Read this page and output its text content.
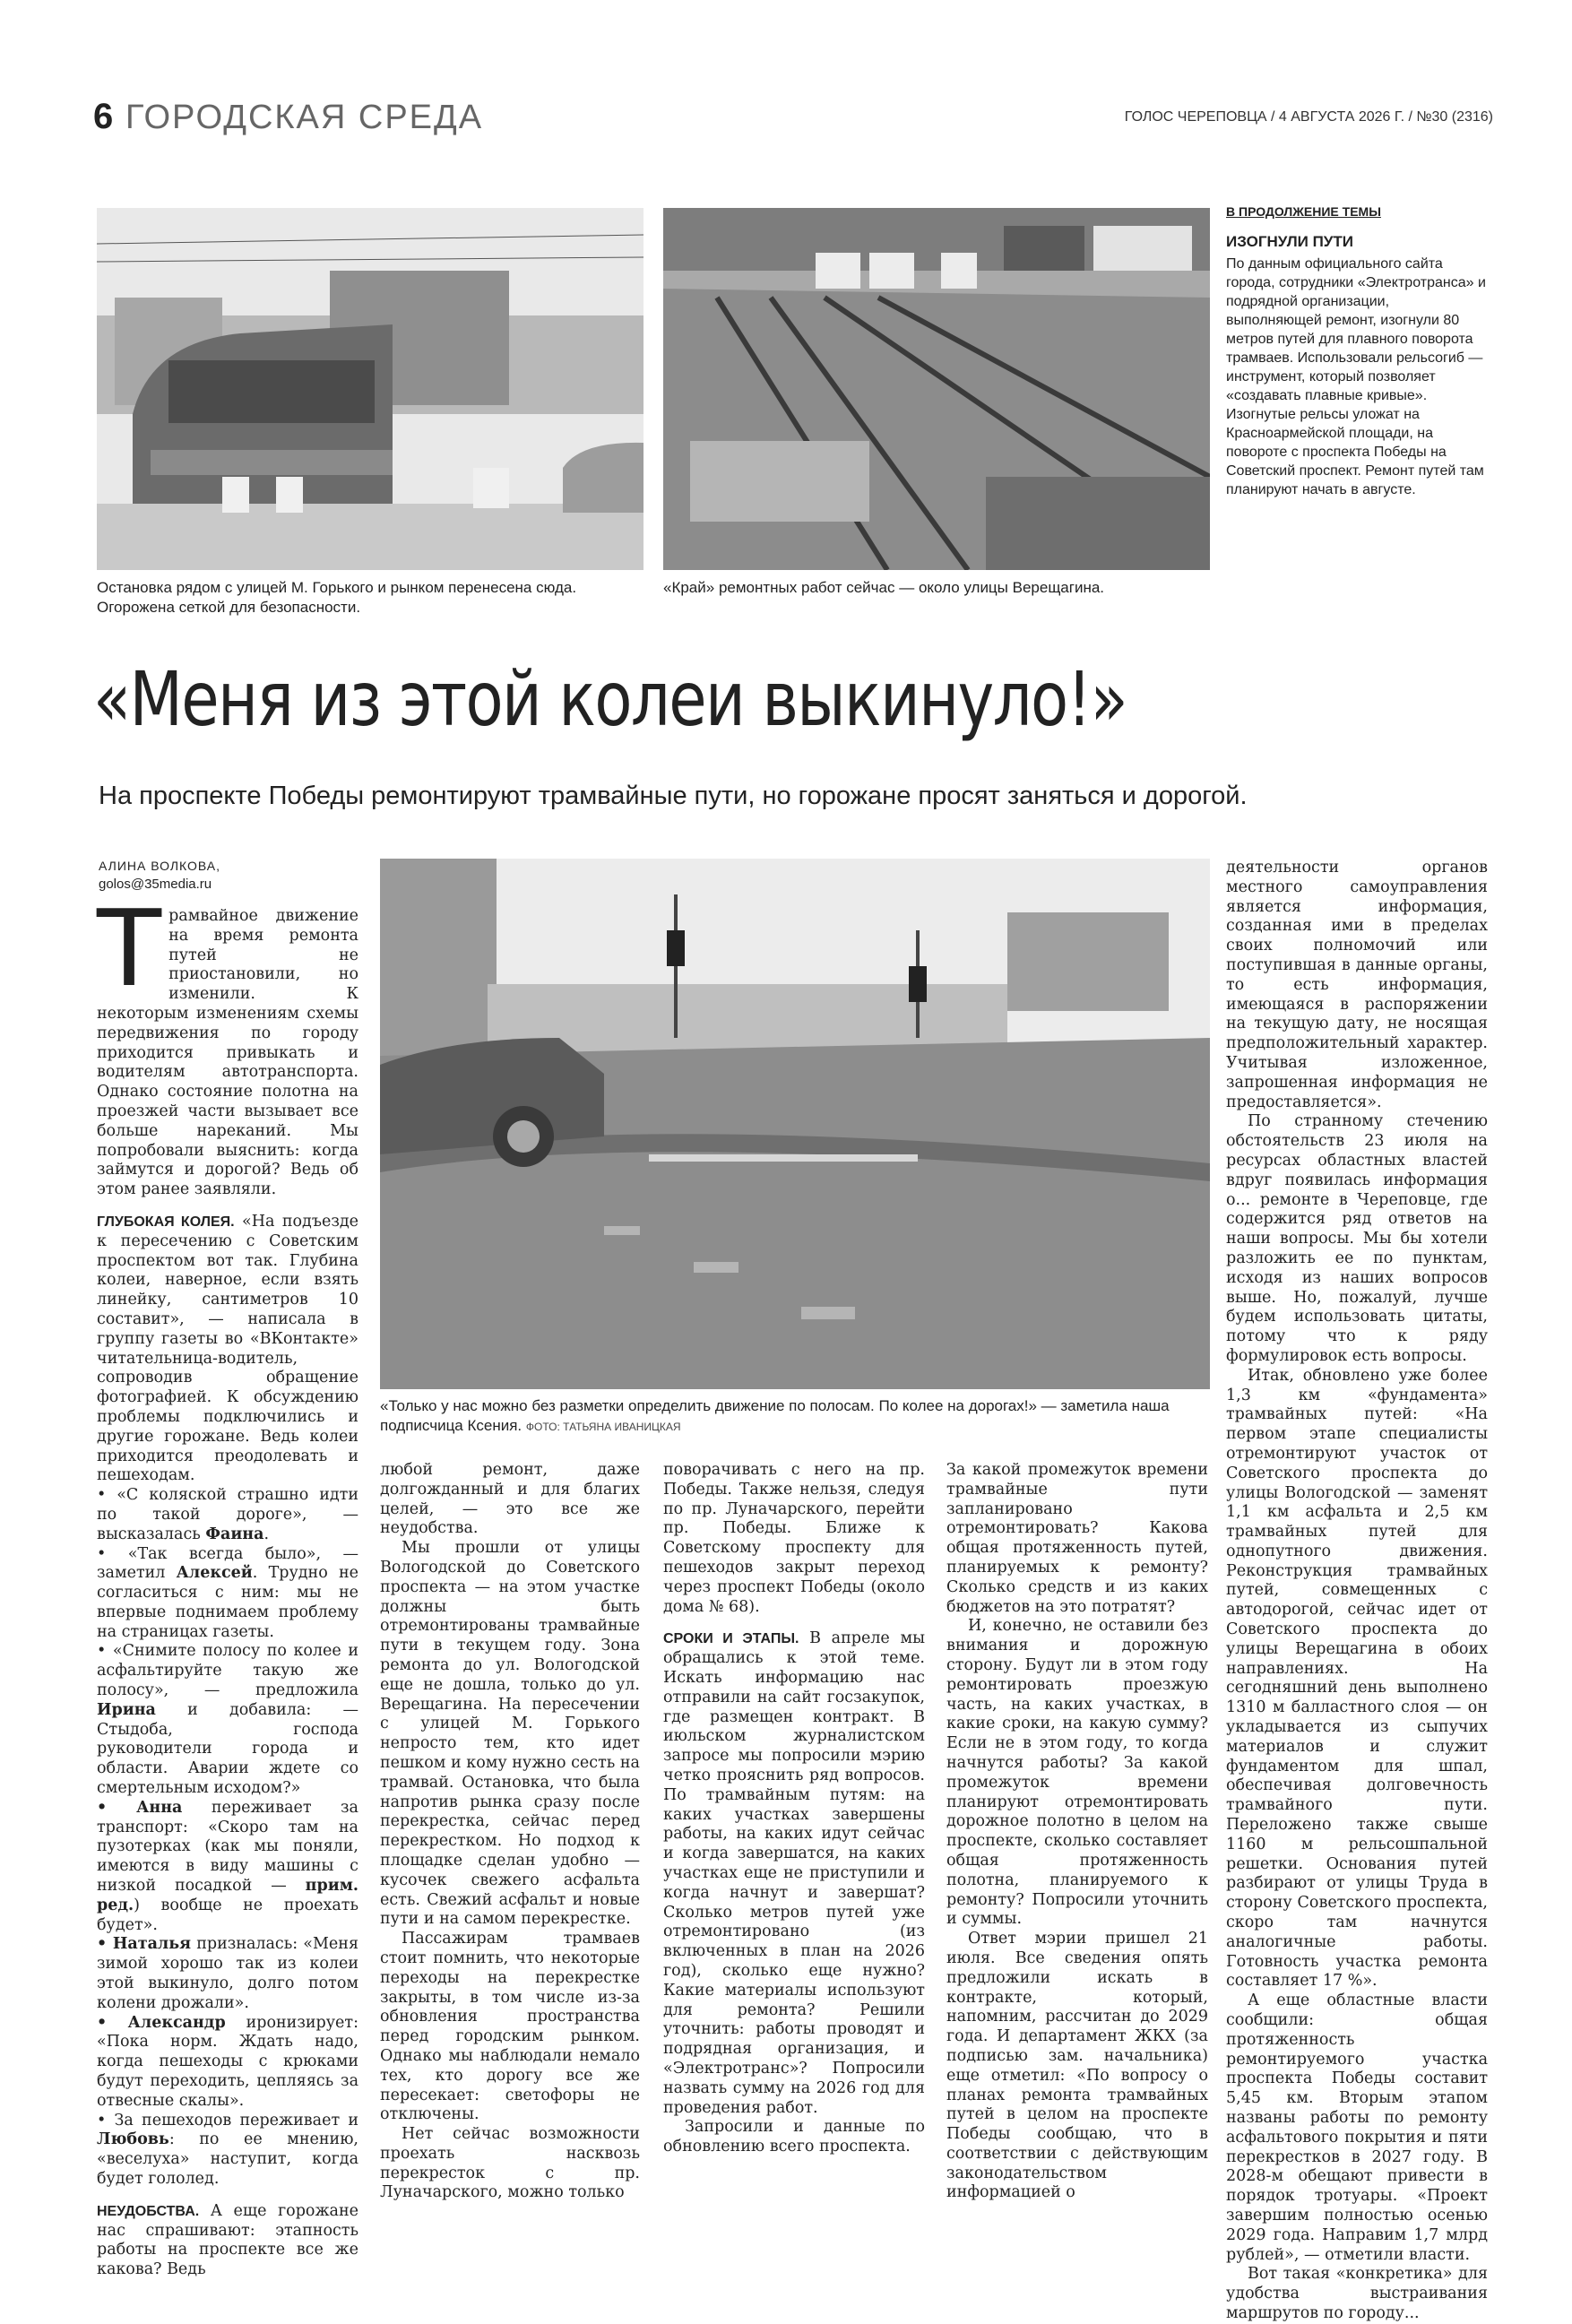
6 ГОРОДСКАЯ СРЕДА	ГОЛОС ЧЕРЕПОВЦА / 4 АВГУСТА 2026 Г. / №30 (2316)
Остановка рядом с улицей М. Горького и рынком перенесена сюда. Огорожена сеткой для безопасности.
«Край» ремонтных работ сейчас — около улицы Верещагина.
В ПРОДОЛЖЕНИЕ ТЕМЫ
ИЗОГНУЛИ ПУТИ
По данным официального сайта города, сотрудники «Электротранса» и подрядной организации, выполняющей ремонт, изогнули 80 метров путей для плавного поворота трамваев. Использовали рельсогиб — инструмент, который позволяет «создавать плавные кривые». Изогнутые рельсы уложат на Красноармейской площади, на повороте с проспекта Победы на Советский проспект. Ремонт путей там планируют начать в августе.
«Меня из этой колеи выкинуло!»
На проспекте Победы ремонтируют трамвайные пути, но горожане просят заняться и дорогой.
АЛИНА ВОЛКОВА,
golos@35media.ru
«Только у нас можно без разметки определить движение по полосам. По колее на дорогах!» — заметила наша подписчица Ксения. ФОТО: ТАТЬЯНА ИВАНИЦКАЯ
Т рамвайное движение на время ремонта путей не приостановили, но изменили. К некоторым изменениям схемы передвижения по городу приходится привыкать и водителям автотранспорта. Однако состояние полотна на проезжей части вызывает все больше нареканий. Мы попробовали выяснить: когда займутся и дорогой? Ведь об этом ранее заявляли.

ГЛУБОКАЯ КОЛЕЯ. «На подъезде к пересечению с Советским проспектом вот так. Глубина колеи, наверное, если взять линейку, сантиметров 10 составит», — написала в группу газеты во «ВКонтакте» читательница-водитель, сопроводив обращение фотографией. К обсуждению проблемы подключились и другие горожане. Ведь колеи приходится преодолевать и пешеходам.

• «С коляской страшно идти по такой дороге», — высказалась Фаина.

• «Так всегда было», — заметил Алексей. Трудно не согласиться с ним: мы не впервые поднимаем проблему на страницах газеты.

• «Снимите полосу по колее и асфальтируйте такую же полосу», — предложила Ирина и добавила: — Стыдоба, господа руководители города и области. Аварии ждете со смертельным исходом?»

• Анна переживает за транспорт: «Скоро там на пузотерках (как мы поняли, имеются в виду машины с низкой посадкой — прим. ред.) вообще не проехать будет».

• Наталья призналась: «Меня зимой хорошо так из колеи этой выкинуло, долго потом колени дрожали».

• Александр иронизирует: «Пока норм. Ждать надо, когда пешеходы с крюками будут переходить, цепляясь за отвесные скалы».

• За пешеходов переживает и Любовь: по ее мнению, «веселуха» наступит, когда будет гололед.

НЕУДОБСТВА. А еще горожане нас спрашивают: этапность работы на проспекте все же какова? Ведь

любой ремонт, даже долгожданный и для благих целей, — это все же неудобства.

Мы прошли от улицы Вологодской до Советского проспекта — на этом участке должны быть отремонтированы трамвайные пути в текущем году. Зона ремонта до ул. Вологодской еще не дошла, только до ул. Верещагина. На пересечении с улицей М. Горького непросто тем, кто идет пешком и кому нужно сесть на трамвай. Остановка, что была напротив рынка сразу после перекрестка, сейчас перед перекрестком. Но подход к площадке сделан удобно — кусочек свежего асфальта есть. Свежий асфальт и новые пути и на самом перекрестке.

Пассажирам трамваев стоит помнить, что некоторые переходы на перекрестке закрыты, в том числе из-за обновления пространства перед городским рынком. Однако мы наблюдали немало тех, кто дорогу все же пересекает: светофоры не отключены.

Нет сейчас возможности проехать насквозь перекресток с пр. Луначарского, можно только

поворачивать с него на пр. Победы. Также нельзя, следуя по пр. Луначарского, перейти пр. Победы. Ближе к Советскому проспекту для пешеходов закрыт переход через проспект Победы (около дома № 68).

СРОКИ И ЭТАПЫ. В апреле мы обращались к этой теме. Искать информацию нас отправили на сайт госзакупок, где размещен контракт. В июльском журналистском запросе мы попросили мэрию четко прояснить ряд вопросов. По трамвайным путям: на каких участках завершены работы, на каких идут сейчас и когда завершатся, на каких участках еще не приступили и когда начнут и завершат? Сколько метров путей уже отремонтировано (из включенных в план на 2026 год), сколько еще нужно? Какие материалы используют для ремонта? Решили уточнить: работы проводят и подрядная организация, и «Электротранс»? Попросили назвать сумму на 2026 год для проведения работ.

Запросили и данные по обновлению всего проспекта.

За какой промежуток времени трамвайные пути запланировано отремонтировать? Какова общая протяженность путей, планируемых к ремонту? Сколько средств и из каких бюджетов на это потратят?

И, конечно, не оставили без внимания и дорожную сторону. Будут ли в этом году ремонтировать проезжую часть, на каких участках, в какие сроки, на какую сумму? Если не в этом году, то когда начнутся работы? За какой промежуток времени планируют отремонтировать дорожное полотно в целом на проспекте, сколько составляет общая протяженность полотна, планируемого к ремонту? Попросили уточнить и суммы.

Ответ мэрии пришел 21 июля. Все сведения опять предложили искать в контракте, который, напомним, рассчитан до 2029 года. И департамент ЖКХ (за подписью зам. начальника) еще отметил: «По вопросу о планах ремонта трамвайных путей в целом на проспекте Победы сообщаю, что в соответствии с действующим законодательством информацией о

деятельности органов местного самоуправления является информация, созданная ими в пределах своих полномочий или поступившая в данные органы, то есть информация, имеющаяся в распоряжении на текущую дату, не носящая предположительный характер. Учитывая изложенное, запрошенная информация не предоставляется».

По странному стечению обстоятельств 23 июля на ресурсах областных властей вдруг появилась информация о... ремонте в Череповце, где содержится ряд ответов на наши вопросы. Мы бы хотели разложить ее по пунктам, исходя из наших вопросов выше. Но, пожалуй, лучше будем использовать цитаты, потому что к ряду формулировок есть вопросы.

Итак, обновлено уже более 1,3 км «фундамента» трамвайных путей: «На первом этапе специалисты отремонтируют участок от Советского проспекта до улицы Вологодской — заменят 1,1 км асфальта и 2,5 км трамвайных путей для однопутного движения. Реконструкция трамвайных путей, совмещенных с автодорогой, сейчас идет от Советского проспекта до улицы Верещагина в обоих направлениях. На сегодняшний день выполнено 1310 м балластного слоя — он укладывается из сыпучих материалов и служит фундаментом для шпал, обеспечивая долговечность трамвайного пути. Переложено также свыше 1160 м рельсошпальной решетки. Основания путей разбирают от улицы Труда в сторону Советского проспекта, скоро там начнутся аналогичные работы. Готовность участка ремонта составляет 17 %».

А еще областные власти сообщили: общая протяженность ремонтируемого участка проспекта Победы составит 5,45 км. Вторым этапом названы работы по ремонту асфальтового покрытия и пяти перекрестков в 2027 году. В 2028-м обещают привести в порядок тротуары. «Проект завершим полностью осенью 2029 года. Направим 1,7 млрд рублей», — отметили власти.

Вот такая «конкретика» для удобства выстраивания маршрутов по городу...
